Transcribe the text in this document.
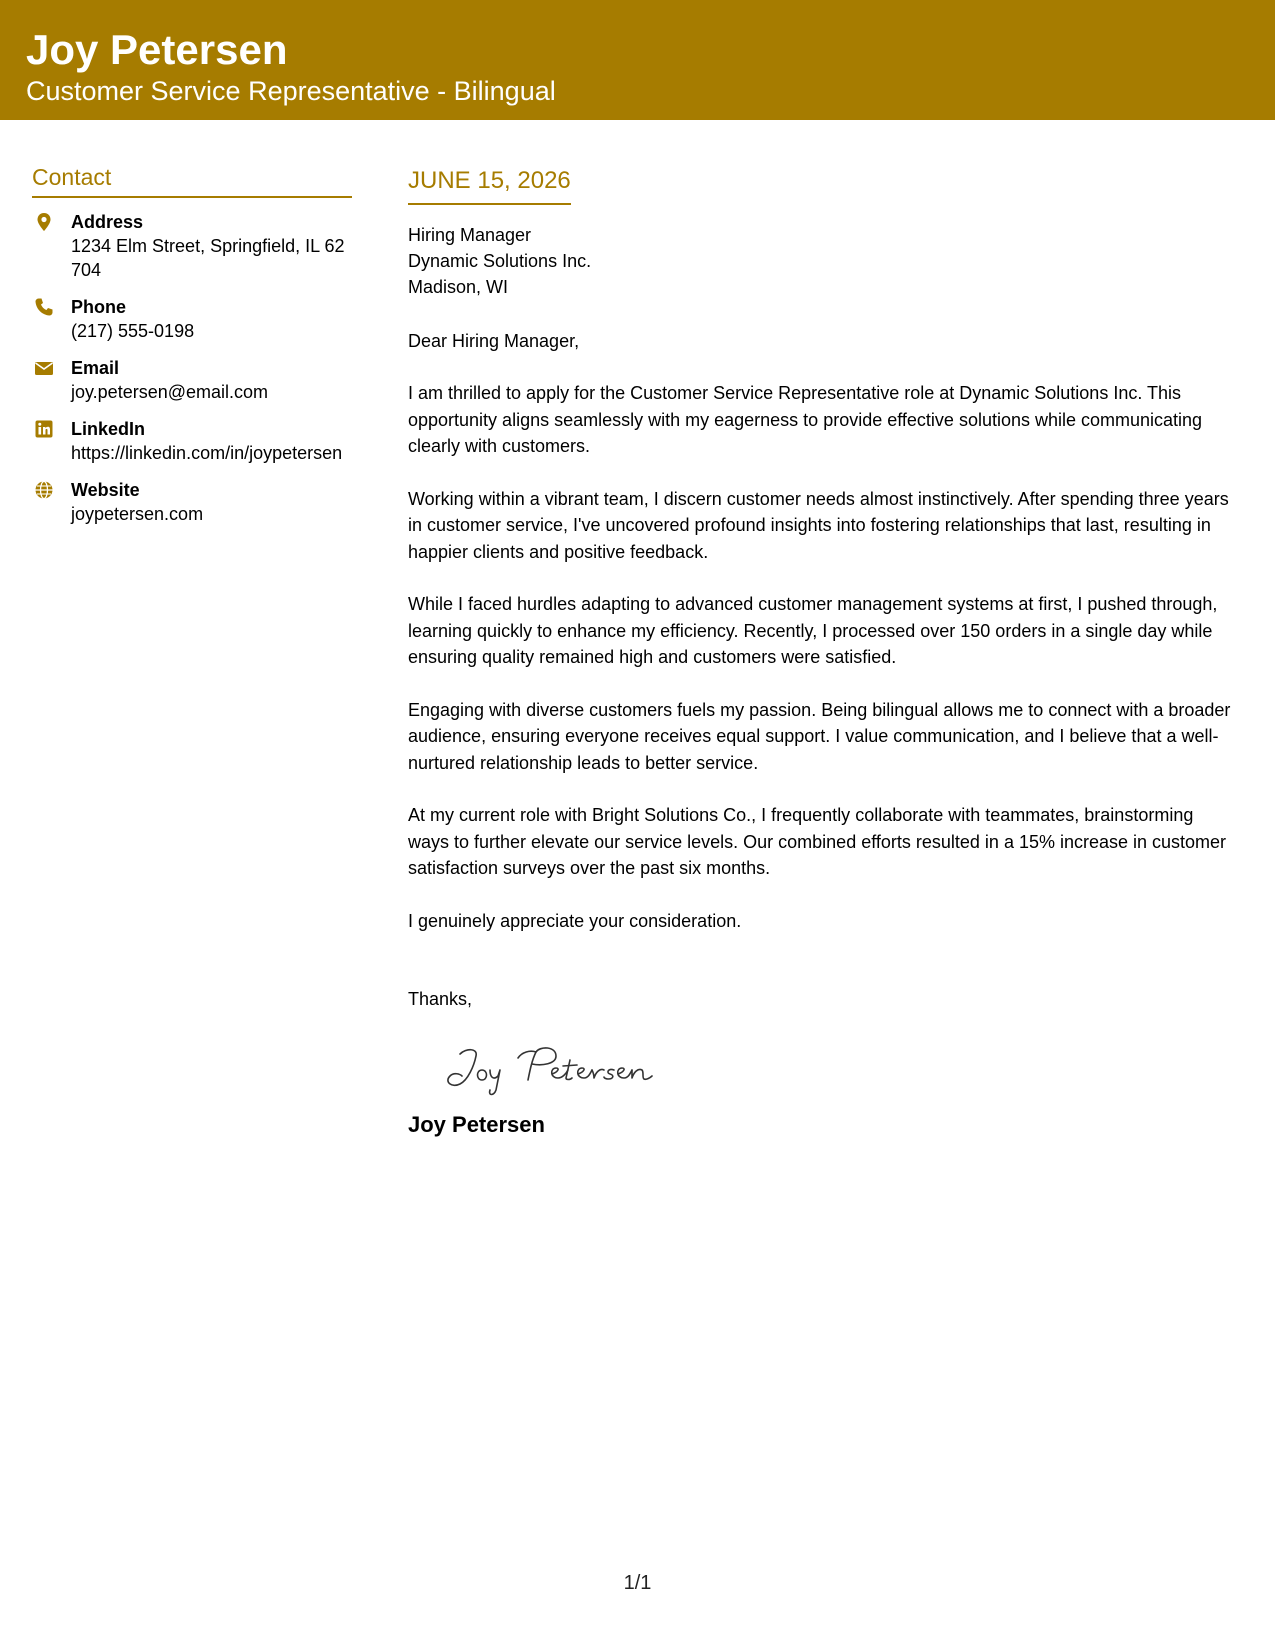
Joy Petersen
Customer Service Representative - Bilingual
Contact
Address
1234 Elm Street, Springfield, IL 62704
Phone
(217) 555-0198
Email
joy.petersen@email.com
LinkedIn
https://linkedin.com/in/joypetersen
Website
joypetersen.com
JUNE 15, 2026
Hiring Manager
Dynamic Solutions Inc.
Madison, WI
Dear Hiring Manager,
I am thrilled to apply for the Customer Service Representative role at Dynamic Solutions Inc. This opportunity aligns seamlessly with my eagerness to provide effective solutions while communicating clearly with customers.
Working within a vibrant team, I discern customer needs almost instinctively. After spending three years in customer service, I've uncovered profound insights into fostering relationships that last, resulting in happier clients and positive feedback.
While I faced hurdles adapting to advanced customer management systems at first, I pushed through, learning quickly to enhance my efficiency. Recently, I processed over 150 orders in a single day while ensuring quality remained high and customers were satisfied.
Engaging with diverse customers fuels my passion. Being bilingual allows me to connect with a broader audience, ensuring everyone receives equal support. I value communication, and I believe that a well-nurtured relationship leads to better service.
At my current role with Bright Solutions Co., I frequently collaborate with teammates, brainstorming ways to further elevate our service levels. Our combined efforts resulted in a 15% increase in customer satisfaction surveys over the past six months.
I genuinely appreciate your consideration.
Thanks,
Joy Petersen
1/1
